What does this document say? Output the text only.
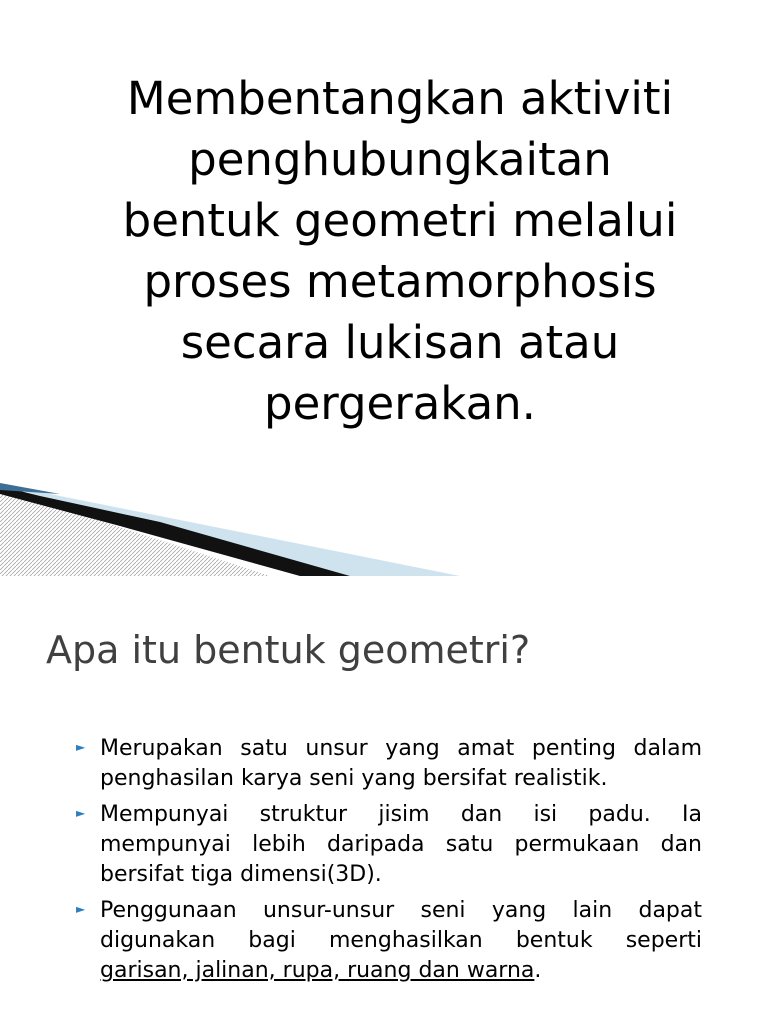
Membentangkan aktiviti
penghubungkaitan
bentuk geometri melalui
proses metamorphosis
secara lukisan atau
pergerakan.
Apa itu bentuk geometri?
► Merupakan satu unsur yang amat penting dalam
penghasilan karya seni yang bersifat realistik.
► Mempunyai struktur jisim dan isi padu. Ia
mempunyai lebih daripada satu permukaan dan
bersifat tiga dimensi(3D).
► Penggunaan unsur-unsur seni yang lain dapat
digunakan bagi menghasilkan bentuk seperti
garisan, jalinan, rupa, ruang dan warna.
